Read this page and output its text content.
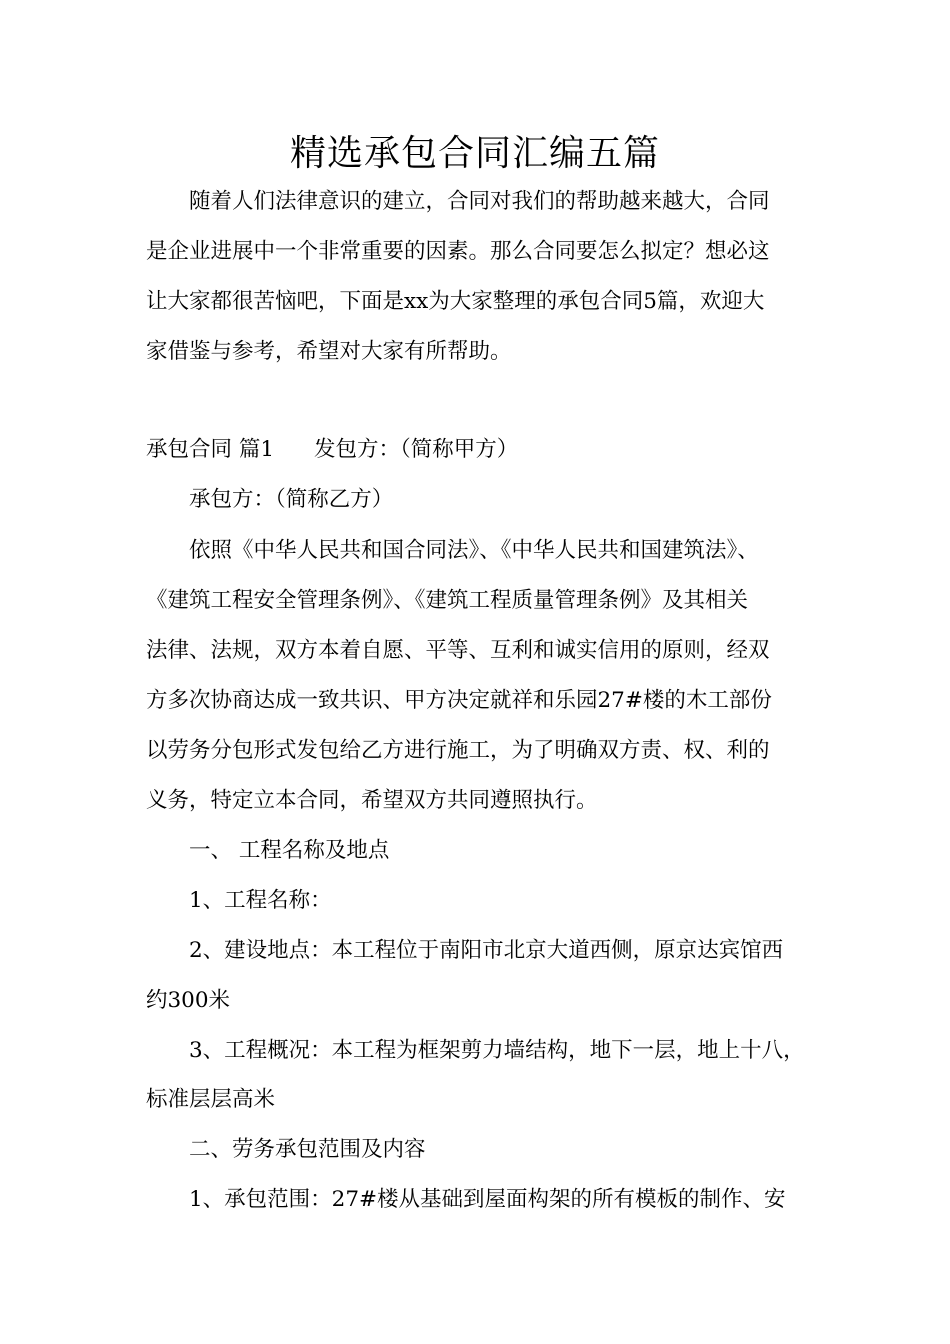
精选承包合同汇编五篇
随着人们法律意识的建立，合同对我们的帮助越来越大，合同
是企业进展中一个非常重要的因素。那么合同要怎么拟定？想必这
让大家都很苦恼吧，下面是xx为大家整理的承包合同5篇，欢迎大
家借鉴与参考，希望对大家有所帮助。
承包合同 篇1 发包方：（简称甲方）
承包方：（简称乙方）
依照《中华人民共和国合同法》、《中华人民共和国建筑法》、
《建筑工程安全管理条例》、《建筑工程质量管理条例》及其相关
法律、法规，双方本着自愿、平等、互利和诚实信用的原则，经双
方多次协商达成一致共识、甲方决定就祥和乐园27#楼的木工部份
以劳务分包形式发包给乙方进行施工，为了明确双方责、权、利的
义务，特定立本合同，希望双方共同遵照执行。
一、 工程名称及地点
1、工程名称：
2、建设地点：本工程位于南阳市北京大道西侧，原京达宾馆西
约300米
3、工程概况：本工程为框架剪力墙结构，地下一层，地上十八，
标准层层高米
二、劳务承包范围及内容
1、承包范围：27#楼从基础到屋面构架的所有模板的制作、安
